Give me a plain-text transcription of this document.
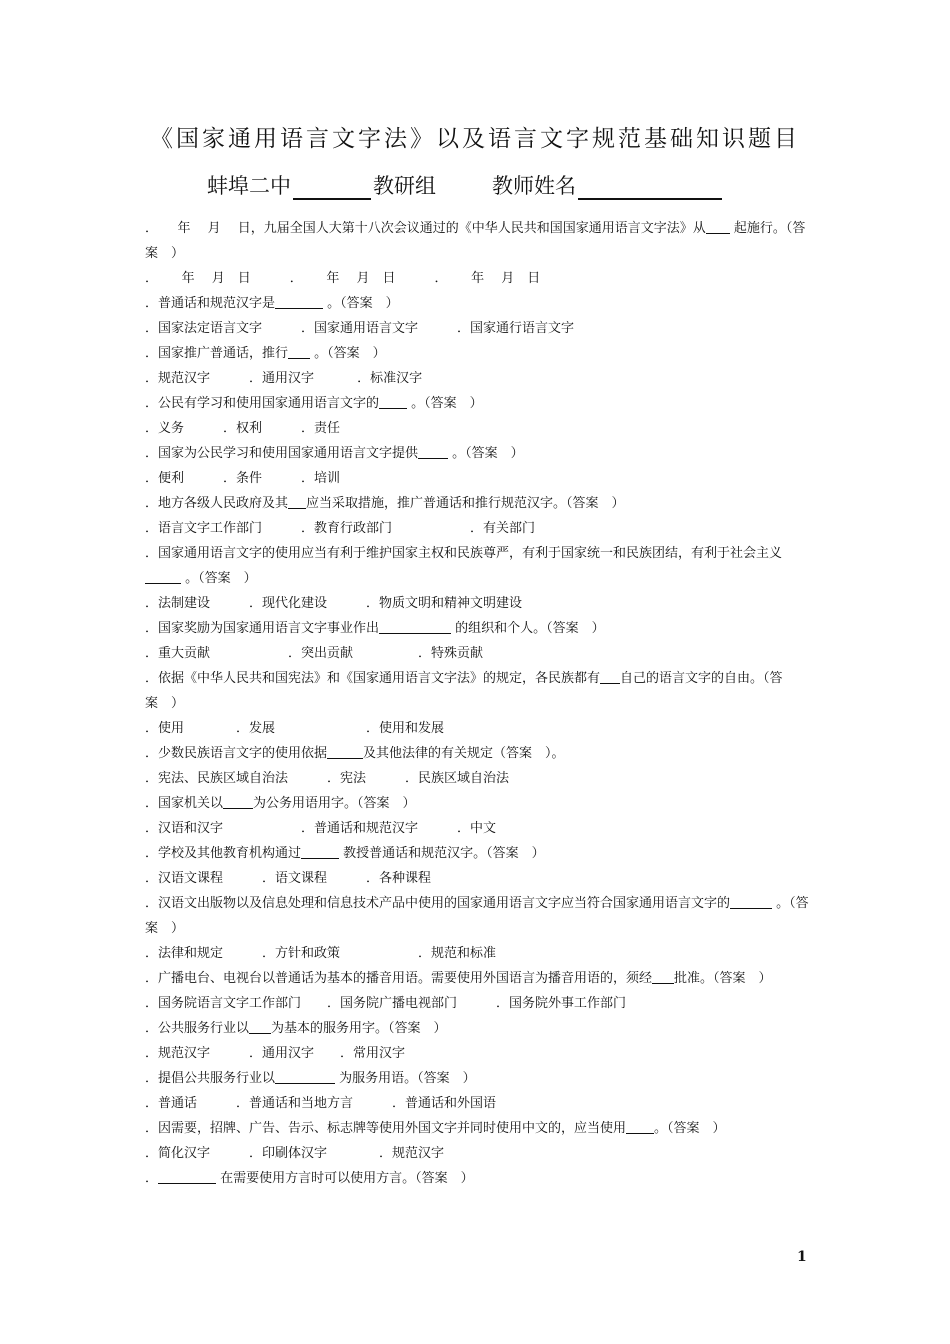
《国家通用语言文字法》以及语言文字规范基础知识题目
蚌埠二中	教研组	教师姓名
．　　年　 月　 日，九届全国人大第十八次会议通过的《中华人民共和国国家通用语言文字法》从 起施行。（答案　）
．　　 年　 月　日　　　．　　 年　 月　日　　　．　　 年　 月　日
．普通话和规范汉字是	。（答案　）
．国家法定语言文字　　　．国家通用语言文字　　　．国家通行语言文字
．国家推广普通话，推行 。（答案　）
．规范汉字　　　．通用汉字　　　 ．标准汉字
．公民有学习和使用国家通用语言文字的 。（答案　）
．义务　　　．权利　　　．责任
．国家为公民学习和使用国家通用语言文字提供 。（答案　）
．便利　　　．条件　　　．培训
．地方各级人民政府及其 应当采取措施，推广普通话和推行规范汉字。（答案　）
．语言文字工作部门　　　．教育行政部门　　　　　　．有关部门
．国家通用语言文字的使用应当有利于维护国家主权和民族尊严，有利于国家统一和民族团结，有利于社会主义 。（答案　）
．法制建设　　　．现代化建设　　　．物质文明和精神文明建设
．国家奖励为国家通用语言文字事业作出	的组织和个人。（答案　）
．重大贡献　　　　　　．突出贡献　　　　　．特殊贡献
．依据《中华人民共和国宪法》和《国家通用语言文字法》的规定，各民族都有 自己的语言文字的自由。（答案　）
．使用　　　　．发展　　　　　　　．使用和发展
．少数民族语言文字的使用依据	及其他法律的有关规定（答案　）。
．宪法、民族区域自治法　　　．宪法　　　．民族区域自治法
．国家机关以 为公务用语用字。（答案　）
．汉语和汉字　　　　　　．普通话和规范汉字　　　．中文
．学校及其他教育机构通过	教授普通话和规范汉字。（答案　）
．汉语文课程　　　．语文课程　　　．各种课程
．汉语文出版物以及信息处理和信息技术产品中使用的国家通用语言文字应当符合国家通用语言文字的	。（答案　）
．法律和规定　　　．方针和政策　　　　　　．规范和标准
．广播电台、电视台以普通话为基本的播音用语。需要使用外国语言为播音用语的，须经 批准。（答案　）
．国务院语言文字工作部门　　．国务院广播电视部门　　　．国务院外事工作部门
．公共服务行业以 为基本的服务用字。（答案　）
．规范汉字　　　．通用汉字　　．常用汉字
．提倡公共服务行业以	为服务用语。（答案　）
．普通话　　　．普通话和当地方言　　　．普通话和外国语
．因需要，招牌、广告、告示、标志牌等使用外国文字并同时使用中文的，应当使用 。（答案　）
．简化汉字　　　．印刷体汉字　　　　．规范汉字
．	在需要使用方言时可以使用方言。（答案　）
1
